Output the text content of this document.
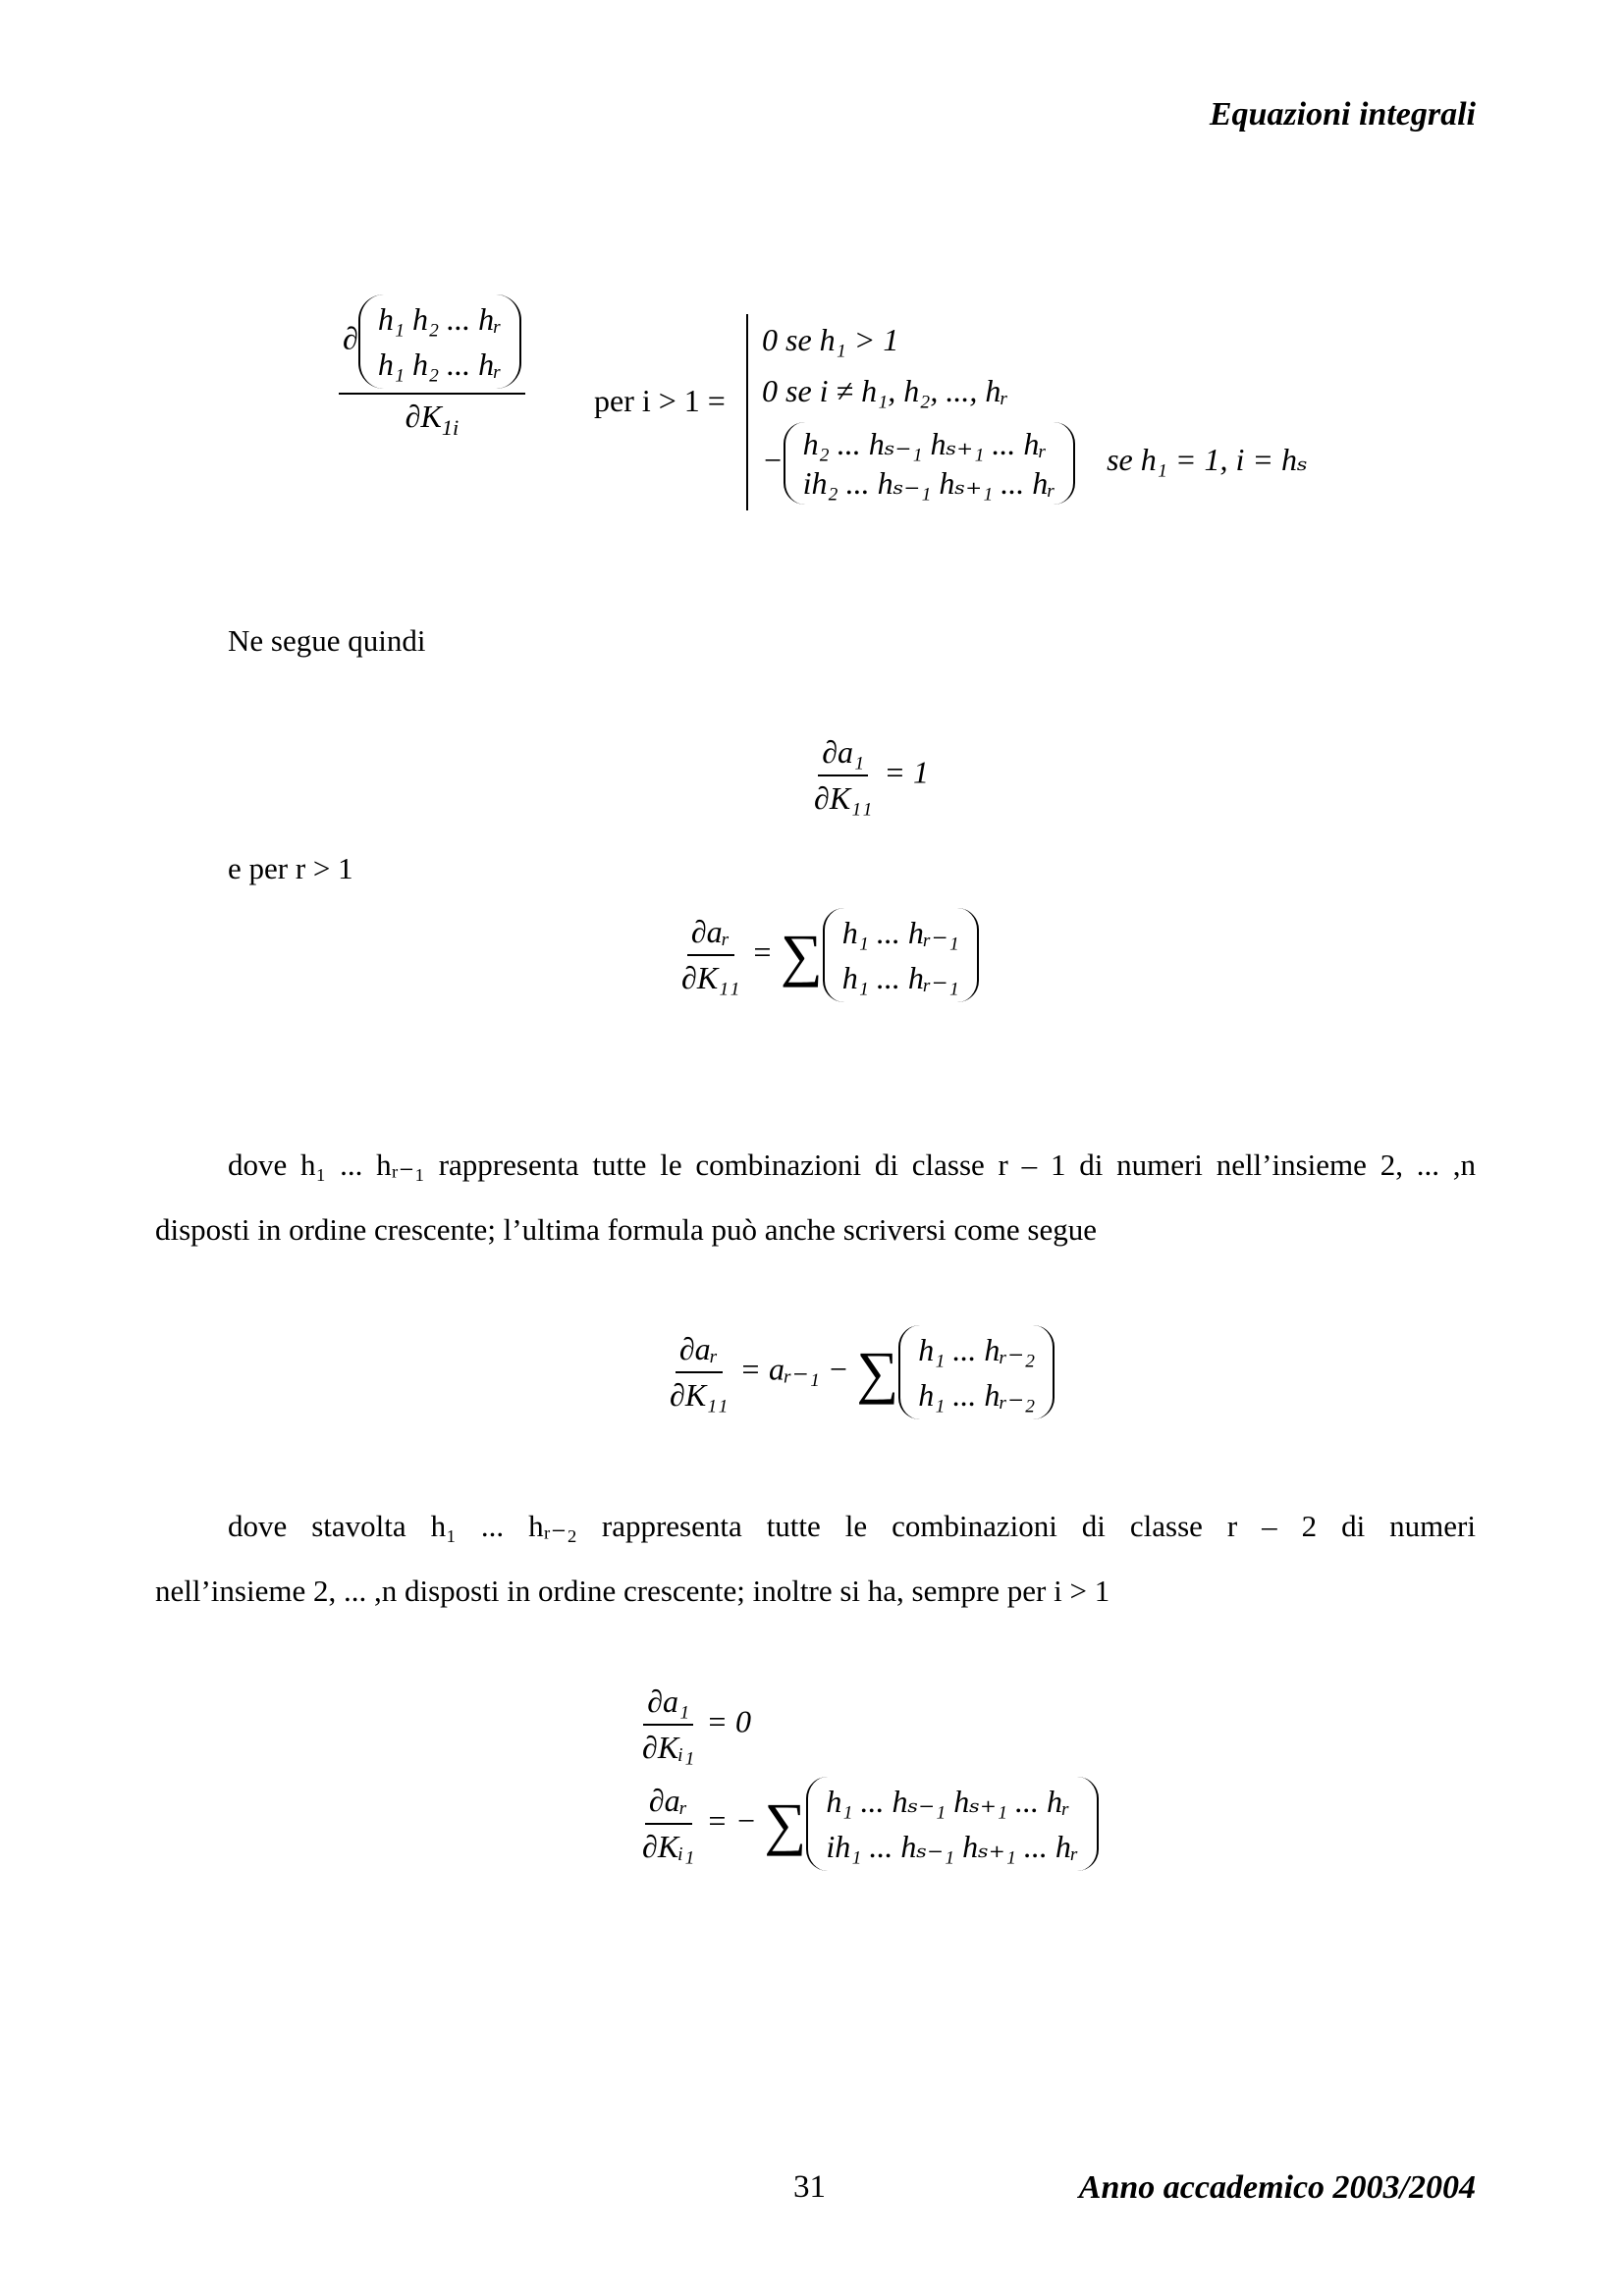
Equazioni integrali
∂
h₁ h₂ ... hᵣ
h₁ h₂ ... hᵣ
$\partial K_{1i}$ per i > 1 =
0 se h₁ > 1
0 se i ≠ h₁, h₂, ..., hᵣ
− h₂ ... hₛ₋₁ hₛ₊₁ ... hᵣ
ih₂ ... hₛ₋₁ hₛ₊₁ ... hᵣ
se h₁ = 1, i = hₛ
Ne segue quindi
$\frac{\text{∂a₁}}{\text{∂K₁₁}} = 1$
e per r > 1
$\frac{\text{∂aᵣ}}{\text{∂K₁₁}}$ = ∑ h₁ ... hᵣ₋₁
h₁ ... hᵣ₋₁
dove h₁ ... hᵣ₋₁ rappresenta tutte le combinazioni di classe r – 1 di numeri nell’insieme 2, ... ,n
disposti in ordine crescente; l’ultima formula può anche scriversi come segue
$\frac{\text{∂aᵣ}}{\text{∂K₁₁}}$ = aᵣ₋₁ − ∑ h₁ ... hᵣ₋₂
h₁ ... hᵣ₋₂
dove stavolta h₁ ... hᵣ₋₂ rappresenta tutte le combinazioni di classe r – 2 di numeri
nell’insieme 2, ... ,n disposti in ordine crescente; inoltre si ha, sempre per i > 1
$\frac{\text{∂a₁}}{\text{∂Kᵢ₁}} = 0$
$\frac{\text{∂aᵣ}}{\text{∂Kᵢ₁}}$ = − ∑ h₁ ... hₛ₋₁ hₛ₊₁ ... hᵣ
ih₁ ... hₛ₋₁ hₛ₊₁ ... hᵣ
31	Anno accademico 2003/2004
